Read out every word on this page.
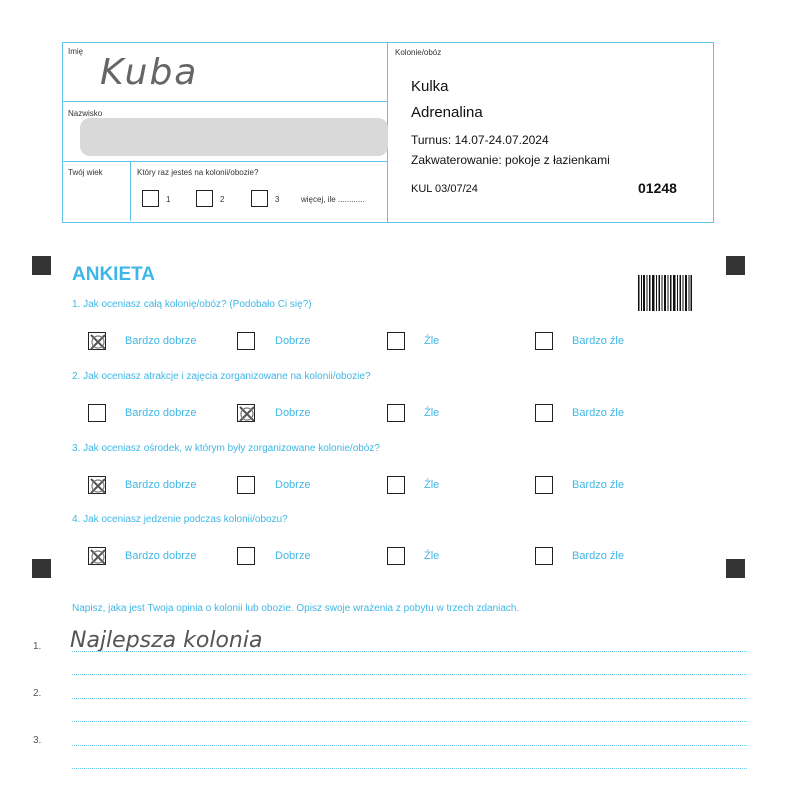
Imię
Kuba
Nazwisko
Twój wiek	Który raz jesteś na kolonii/obozie?
1	2	3	więcej, ile ............
Kolonie/obóz
Kulka
Adrenalina
Turnus: 14.07-24.07.2024
Zakwaterowanie: pokoje z łazienkami
KUL 03/07/24	01248
ANKIETA
1. Jak oceniasz całą kolonię/obóz? (Podobało Ci się?)
Bardzo dobrze	Dobrze	Źle	Bardzo źle
2. Jak oceniasz atrakcje i zajęcia zorganizowane na kolonii/obozie?
Bardzo dobrze	Dobrze	Źle	Bardzo źle
3. Jak oceniasz ośrodek, w którym były zorganizowane kolonie/obóz?
Bardzo dobrze	Dobrze	Źle	Bardzo źle
4. Jak oceniasz jedzenie podczas kolonii/obozu?
Bardzo dobrze	Dobrze	Źle	Bardzo źle
Napisz, jaka jest Twoja opinia o kolonii lub obozie. Opisz swoje wrażenia z pobytu w trzech zdaniach.
1. Najlepsza kolonia
2.
3.
